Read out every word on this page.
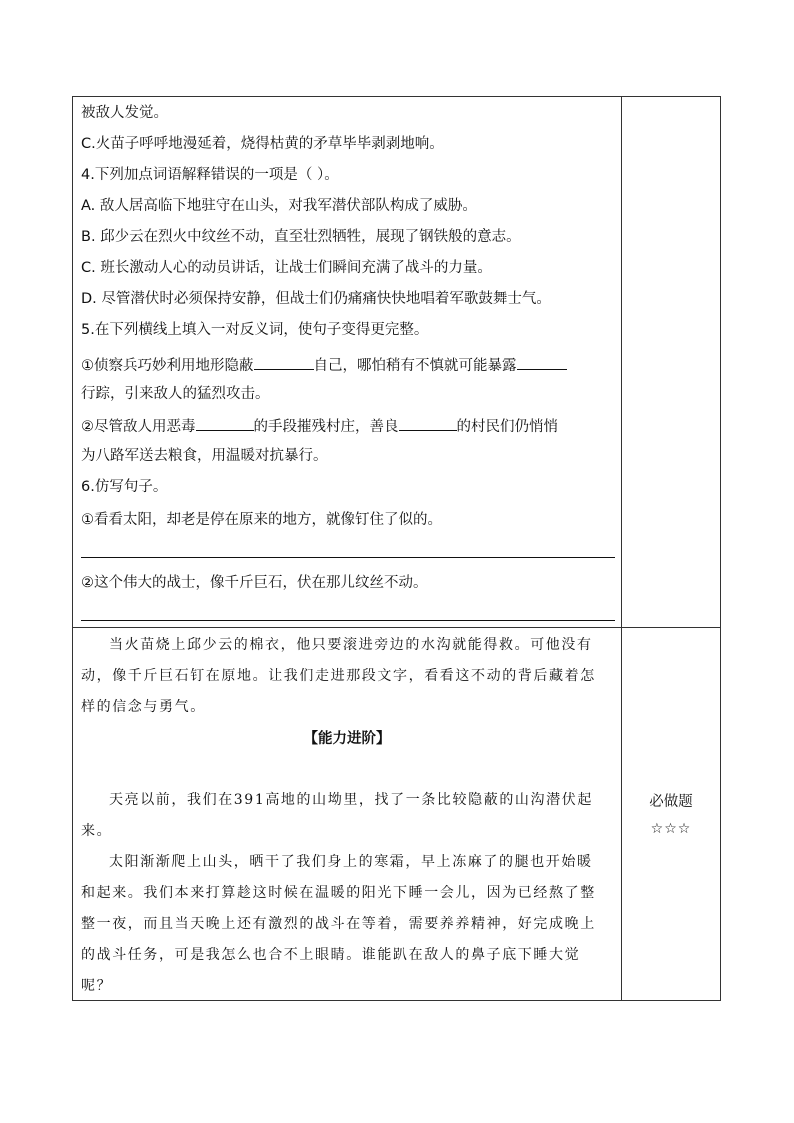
被敌人发觉。
C.火苗子呼呼地漫延着，烧得枯黄的矛草毕毕剥剥地响。
4.下列加点词语解释错误的一项是（ ）。
A. 敌人居高临下地驻守在山头，对我军潜伏部队构成了威胁。
B. 邱少云在烈火中纹丝不动，直至壮烈牺牲，展现了钢铁般的意志。
C. 班长激动人心的动员讲话，让战士们瞬间充满了战斗的力量。
D. 尽管潜伏时必须保持安静，但战士们仍痛痛快快地唱着军歌鼓舞士气。
5.在下列横线上填入一对反义词，使句子变得更完整。
①侦察兵巧妙利用地形隐蔽	自己，哪怕稍有不慎就可能暴露
行踪，引来敌人的猛烈攻击。
②尽管敌人用恶毒	的手段摧残村庄，善良	的村民们仍悄悄
为八路军送去粮食，用温暖对抗暴行。
6.仿写句子。
①看看太阳，却老是停在原来的地方，就像钉住了似的。
②这个伟大的战士，像千斤巨石，伏在那儿纹丝不动。
当火苗烧上邱少云的棉衣，他只要滚进旁边的水沟就能得救。可他没有
动，像千斤巨石钉在原地。让我们走进那段文字，看看这不动的背后藏着怎
样的信念与勇气。
【能力进阶】
天亮以前，我们在391高地的山坳里，找了一条比较隐蔽的山沟潜伏起
来。
太阳渐渐爬上山头，晒干了我们身上的寒霜，早上冻麻了的腿也开始暖
和起来。我们本来打算趁这时候在温暖的阳光下睡一会儿，因为已经熬了整
整一夜，而且当天晚上还有激烈的战斗在等着，需要养养精神，好完成晚上
的战斗任务，可是我怎么也合不上眼睛。谁能趴在敌人的鼻子底下睡大觉
呢？
必做题
☆☆☆
